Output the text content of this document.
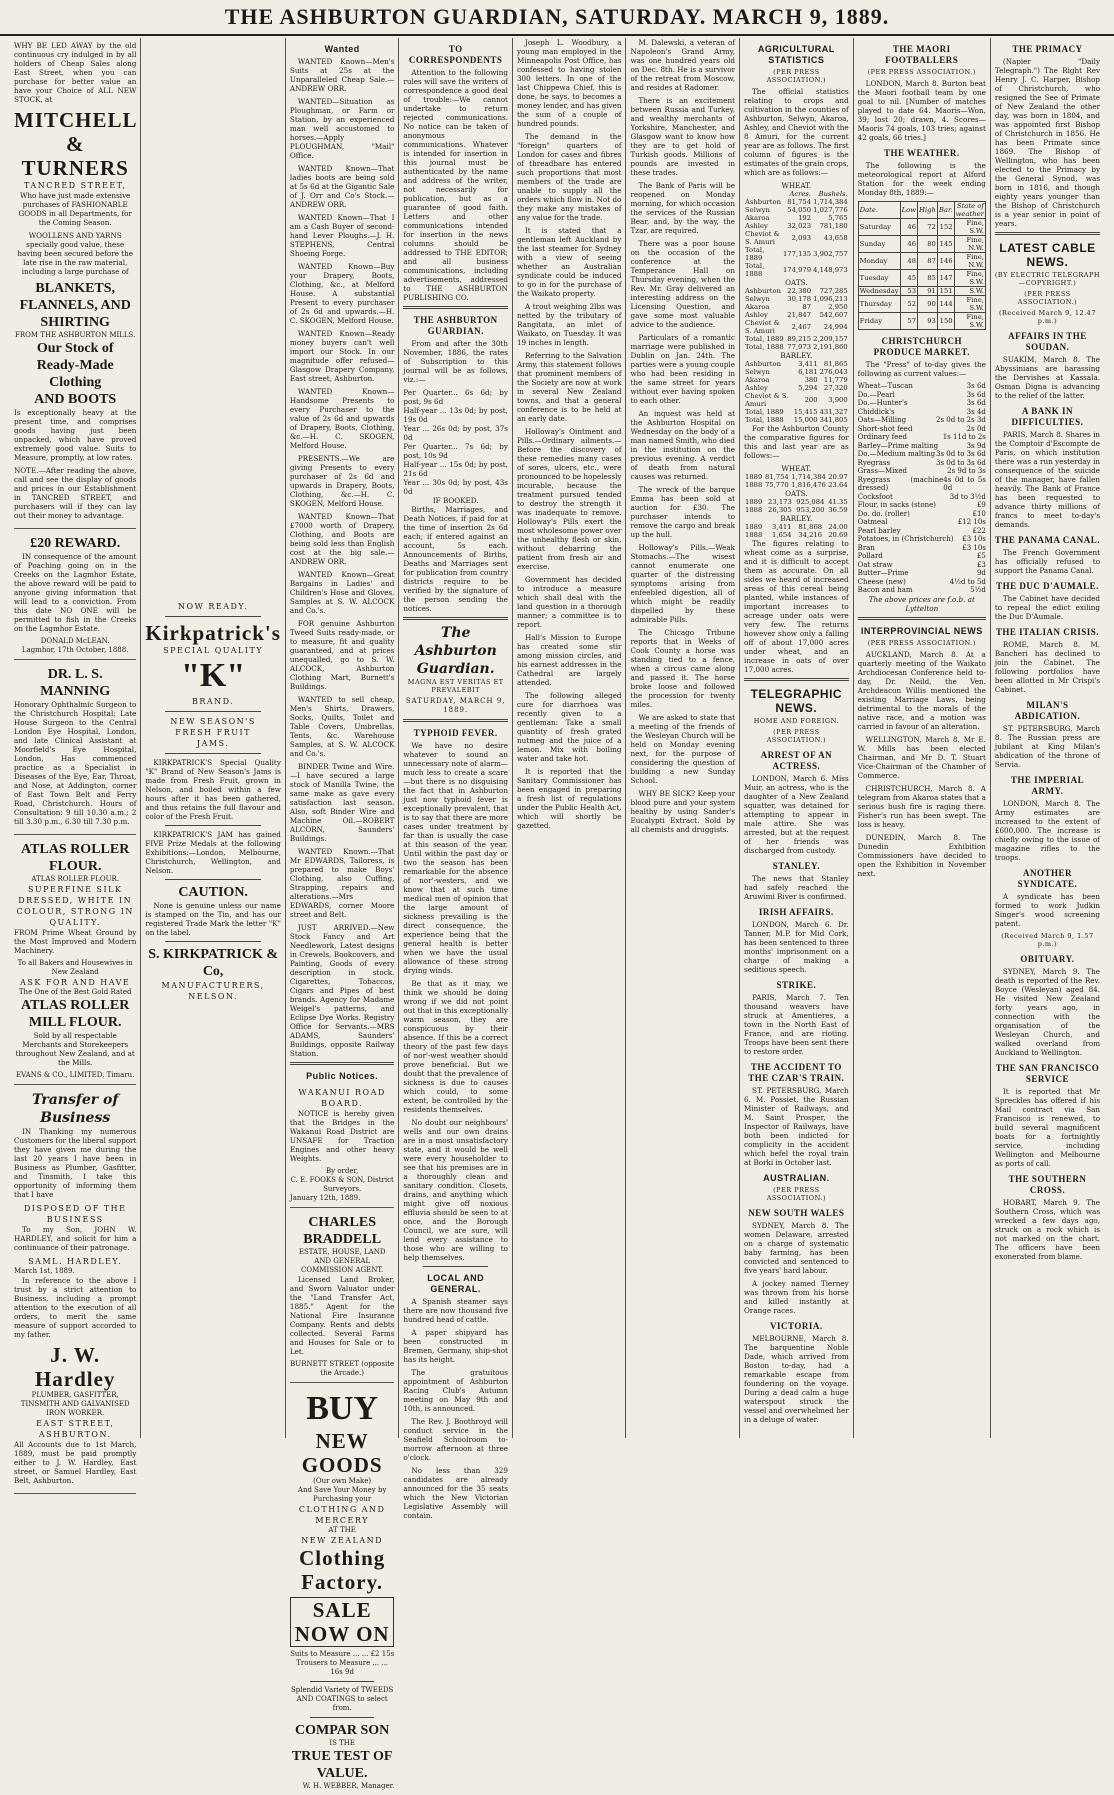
THE ASHBURTON GUARDIAN, SATURDAY. MARCH 9, 1889.

WHY BE LED AWAY by the old continuous cry indulged in by all holders of Cheap Sales along East Street, when you can purchase for better value an have your Choice of ALL NEW STOCK, at

MITCHELL & TURNERS
TANCRED STREET,

Who have just made extensive purchases of FASHIONABLE GOODS in all Departments, for the Coming Season.

WOOLLENS AND YARNS specially good value, these having been secured before the late rise in the raw material, including a large purchase of

BLANKETS, FLANNELS, AND SHIRTING
FROM THE ASHBURTON MILLS.
Our Stock of Ready-Made Clothing
AND BOOTS

Is exceptionally heavy at the present time, and comprises goods having just been unpacked, which have proved extremely good value. Suits to Measure, promptly, at low rates.

NOTE.—After reading the above, call and see the display of goods and prices in our Establishment in TANCRED STREET, and purchasers will if they can lay out their money to advantage.

£20 REWARD.

IN consequence of the amount of Poaching going on in the Creeks on the Lagmhor Estate, the above reward will be paid to anyone giving information that will lead to a conviction. From this date NO ONE will be permitted to fish in the Creeks on the Lagmhor Estate.

DONALD McLEAN.
Lagmhor, 17th October, 1888.
DR. L. S. MANNING

Honorary Ophthalmic Surgeon to the Christchurch Hospital; Late House Surgeon to the Central London Eye Hospital, London, and late Clinical Assistant at Moorfield's Eye Hospital, London, Has commenced practice as a Specialist in Diseases of the Eye, Ear, Throat, and Nose, at Addington, corner of East Town Belt and Ferry Road, Christchurch. Hours of Consultation: 9 till 10.30 a.m.; 2 till 3.30 p.m., 6.30 till 7.30 p.m.

ATLAS ROLLER FLOUR.
ATLAS ROLLER FLOUR.
SUPERFINE SILK DRESSED, WHITE IN COLOUR, STRONG IN QUALITY.

FROM Prime Wheat Ground by the Most Improved and Modern Machinery.

To all Bakers and Housewives in New Zealand
ASK FOR AND HAVE
The One of the Best Gold Rated
ATLAS ROLLER MILL FLOUR.

Sold by all respectable Merchants and Storekeepers throughout New Zealand, and at the Mills.

EVANS & CO., LIMITED, Timaru.
Transfer of Business

IN Thanking my numerous Customers for the liberal support they have given me during the last 20 years I have been in Business as Plumber, Gasfitter, and Tinsmith, I take this opportunity of informing them that I have

DISPOSED OF THE BUSINESS

To my Son, JOHN W. HARDLEY, and solicit for him a continuance of their patronage.

SAML. HARDLEY.
March 1st, 1889.

In reference to the above I trust by a strict attention to Business, including a prompt attention to the execution of all orders, to merit the same measure of support accorded to my father.

J. W. Hardley
PLUMBER, GASFITTER, TINSMITH AND GALVANISED IRON WORKER.
EAST STREET, ASHBURTON.

All Accounts due to 1st March, 1889, must be paid promptly either to J. W. Hardley, East street, or Samuel Hardley, East Belt, Ashburton.

NOW READY.
Kirkpatrick's
SPECIAL QUALITY
"K"
BRAND.
NEW SEASON'S
FRESH FRUIT
JAMS.

KIRKPATRICK'S Special Quality "K" Brand of New Season's Jams is made from Fresh Fruit, grown in Nelson, and boiled within a few hours after it has been gathered, and thus retains the full flavour and color of the Fresh Fruit.

KIRKPATRICK'S JAM has gained FIVE Prize Medals at the following Exhibitions:—London, Melbourne, Christchurch, Wellington, and Nelson.

CAUTION.

None is genuine unless our name is stamped on the Tin, and has our registered Trade Mark the letter "K" on the label.

S. KIRKPATRICK & Co,
MANUFACTURERS,
NELSON.
Wanted

WANTED Known—Men's Suits at 25s at the Unparalleled Cheap Sale.—ANDREW ORR.

WANTED—Situation as Ploughman, or Farm or Station, by an experienced man well accustomed to horses.—Apply PLOUGHMAN, "Mail" Office.

WANTED Known—That ladies boots are being sold at 5s 6d at the Gigantic Sale of J. Orr and Co's Stock.—ANDREW ORR.

WANTED Known—That I am a Cash Buyer of second-hand Lever Ploughs.—J. H. STEPHENS, Central Shoeing Forge.

WANTED Known—Buy your Drapery, Boots, Clothing, &c., at Melford House. A substantial Present to every purchaser of 2s 6d and upwards.—H. C. SKOGEN, Melford House.

WANTED Known—Ready money buyers can't well import our Stock. In our magnitude offer refused—Glasgow Drapery Company, East street, Ashburton.

WANTED Known—Handsome Presents to every Purchaser to the value of 2s 6d and upwards of Drapery, Boots, Clothing, &c.—H. C. SKOGEN, Melford House.

PRESENTS.—We are giving Presents to every purchaser of 2s 6d and upwards in Drapery, Boots, Clothing, &c.—H. C. SKOGEN, Melford House.

WANTED Known—That £7000 worth of Drapery, Clothing, and Boots are being sold less than English cost at the big sale.—ANDREW ORR.

WANTED Known—Great Bargains in Ladies' and Children's Hose and Gloves. Samples at S. W. ALCOCK and Co.'s.

FOR genuine Ashburton Tweed Suits ready-made, or to measure, fit and quality guaranteed, and at prices unequalled, go to S. W. ALCOCK, Ashburton Clothing Mart, Burnett's Buildings.

WANTED to sell cheap, Men's Shirts, Drawers, Socks, Quilts, Toilet and Table Covers, Umbrellas, Tents, &c. Warehouse Samples, at S. W. ALCOCK and Co.'s.

BINDER Twine and Wire.—I have secured a large stock of Manilla Twine, the same make as gave every satisfaction last season. Also, soft Binder Wire and Machine Oil.—ROBERT ALCORN, Saunders' Buildings.

WANTED Known.—That Mr EDWARDS, Tailoress, is prepared to make Boys' Clothing, also Cuffing, Strapping, repairs and alterations.—Mrs EDWARDS, corner Moore street and Belt.

JUST ARRIVED.—New Stock Fancy and Art Needlework, Latest designs in Crewels, Bookcovers, and Painting, Goods of every description in stock. Cigarettes, Tobaccos, Cigars and Pipes of best brands. Agency for Madame Weigel's patterns, and Eclipse Dye Works. Registry Office for Servants.—MRS ADAMS, Saunders' Buildings, opposite Railway Station.

Public Notices.
WAKANUI ROAD BOARD.

NOTICE is hereby given that the Bridges in the Wakanui Road District are UNSAFE for Traction Engines and other heavy Weights.

By order,
C. E. FOOKS & SON, District Surveyors.
January 12th, 1889.
CHARLES BRADDELL
ESTATE, HOUSE, LAND AND GENERAL COMMISSION AGENT.

Licensed Land Broker, and Sworn Valuator under the "Land Transfer Act, 1885." Agent for the National Fire Insurance Company. Rents and debts collected. Several Farms and Houses for Sale or to Let.

BURNETT STREET (opposite the Arcade.)
BUY
NEW GOODS
(Our own Make)
And Save Your Money by Purchasing your
CLOTHING AND MERCERY
AT THE
NEW ZEALAND
Clothing Factory.
SALE NOW ON
Suits to Measure ... ... £2 15s
Trousers to Measure ... ... 16s 9d
Splendid Variety of TWEEDS AND COATINGS to select from.
COMPAR SON
IS THE
TRUE TEST OF VALUE.
W. H. WEBBER, Manager.
TO CORRESPONDENTS

Attention to the following rules will save the writers of correspondence a good deal of trouble:—We cannot undertake to return rejected communications. No notice can be taken of anonymous communications. Whatever is intended for insertion in this journal must be authenticated by the name and address of the writer, not necessarily for publication, but as a guarantee of good faith. Letters and other communications intended for insertion in the news columns should be addressed to THE EDITOR; and all business communications, including advertisements, addressed to THE ASHBURTON PUBLISHING CO.

THE ASHBURTON GUARDIAN.

From and after the 30th November, 1886, the rates of Subscription to this journal will be as follows, viz.:—

Per Quarter... 6s 6d; by post, 9s 6d
Half-year ... 13s 0d; by post, 19s 0d
Year ... 26s 0d; by post, 37s 0d
Per Quarter... 7s 6d; by post, 10s 9d
Half-year ... 15s 0d; by post, 21s 6d
Year ... 30s 0d; by post, 43s 0d
IF BOOKED.

Births, Marriages, and Death Notices, if paid for at the time of insertion 2s 6d each; if entered against an account, 5s each. Announcements of Births, Deaths and Marriages sent for publication from country districts require to be verified by the signature of the person sending the notices.

The Ashburton Guardian.
MAGNA EST VERITAS ET PREVALEBIT
SATURDAY, MARCH 9, 1889.
TYPHOID FEVER.

We have no desire whatever to sound an unnecessary note of alarm—much less to create a scare—but there is no disguising the fact that in Ashburton just now typhoid fever is exceptionally prevalent, that is to say that there are more cases under treatment by far than is usually the case at this season of the year. Until within the past day or two the season has been remarkable for the absence of nor'-westers, and we know that at such time medical men of opinion that the large amount of sickness prevailing is the direct consequence, the experience being that the general health is better when we have the usual allowance of these strong drying winds.

Be that as it may, we think we should be doing wrong if we did not point out that in this exceptionally warm season, they are conspicuous by their absence. If this be a correct theory of the past few days of nor'-west weather should prove beneficial. But we doubt that the prevalence of sickness is due to causes which could, to some extent, be controlled by the residents themselves.

No doubt our neighbours' wells and our own drains are in a most unsatisfactory state, and it would be well were every householder to see that his premises are in a thoroughly clean and sanitary condition. Closets, drains, and anything which might give off noxious effluvia should be seen to at once, and the Borough Council, we are sure, will lend every assistance to those who are willing to help themselves.

LOCAL AND GENERAL.

A Spanish steamer says there are now thousand five hundred head of cattle.

A paper shipyard has been constructed in Bremen, Germany, ship-shot has its height.

The gratuitous appointment of Ashburton Racing Club's Autumn meeting on May 9th and 10th, is announced.

The Rev. J. Boothroyd will conduct service in the Seafield Schoolroom to-morrow afternoon at three o'clock.

No less than 329 candidates are already announced for the 35 seats which the New Victorian Legislative Assembly will contain.

Joseph L. Woodbury, a young man employed in the Minneapolis Post Office, has confessed to having stolen 300 letters. In one of the last Chippewa Chief, this is done, he says, to becomes a money lender, and has given the sum of a couple of hundred pounds.

The demand in the "foreign" quarters of London for cases and fibres of threadbare has entered such proportions that most members of the trade are unable to supply all the orders which flow in. Not do they make any mistakes of any value for the trade.

It is stated that a gentleman left Auckland by the last steamer for Sydney with a view of seeing whether an Australian syndicate could be induced to go in for the purchase of the Waikato property.

A trout weighing 2lbs was netted by the tributary of Rangitata, an inlet of Waikato, on Tuesday. It was 19 inches in length.

Referring to the Salvation Army, this statement follows that prominent members of the Society are now at work in several New Zealand towns, and that a general conference is to be held at an early date.

Holloway's Ointment and Pills.—Ordinary ailments.—Before the discovery of these remedies many cases of sores, ulcers, etc., were pronounced to be hopelessly incurable, because the treatment pursued tended to destroy the strength it was inadequate to remove. Holloway's Pills exert the most wholesome power over the unhealthy flesh or skin, without debarring the patient from fresh air and exercise.

Government has decided to introduce a measure which shall deal with the land question in a thorough manner; a committee is to report.

Hall's Mission to Europe has created some stir among mission circles, and his earnest addresses in the Cathedral are largely attended.

The following alleged cure for diarrhoea was recently given to a gentleman: Take a small quantity of fresh grated nutmeg and the juice of a lemon. Mix with boiling water and take hot.

It is reported that the Sanitary Commissioner has been engaged in preparing a fresh list of regulations under the Public Health Act, which will shortly be gazetted.

M. Dalewski, a veteran of Napoleon's Grand Army, was one hundred years old on Dec. 8th. He is a survivor of the retreat from Moscow, and resides at Radomer.

There is an excitement between Russia and Turkey, and wealthy merchants of Yorkshire, Manchester, and Glasgow want to know how they are to get hold of Turkish goods. Millions of pounds are invested in these trades.

The Bank of Paris will be reopened on Monday morning, for which occasion the services of the Russian Bear, and, by the way, the Tzar, are required.

There was a poor house on the occasion of the conference at the Temperance Hall on Thursday evening, when the Rev. Mr. Gray delivered an interesting address on the Licensing Question, and gave some most valuable advice to the audience.

Particulars of a romantic marriage were published in Dublin on Jan. 24th. The parties were a young couple who had been residing in the same street for years without ever having spoken to each other.

An inquest was held at the Ashburton Hospital on Wednesday on the body of a man named Smith, who died in the institution on the previous evening. A verdict of death from natural causes was returned.

The wreck of the barque Emma has been sold at auction for £30. The purchaser intends to remove the cargo and break up the hull.

Holloway's Pills.—Weak Stomachs.—The wisest cannot enumerate one quarter of the distressing symptoms arising from enfeebled digestion, all of which might be readily dispelled by these admirable Pills.

The Chicago Tribune reports that in Weeks of Cook County a horse was standing tied to a fence, when a circus came along and passed it. The horse broke loose and followed the procession for twenty miles.

We are asked to state that a meeting of the friends of the Wesleyan Church will be held on Monday evening next, for the purpose of considering the question of building a new Sunday School.

WHY BE SICK? Keep your blood pure and your system healthy by using Sander's Eucalypti Extract. Sold by all chemists and druggists.

AGRICULTURAL STATISTICS
(PER PRESS ASSOCIATION.)

The official statistics relating to crops and cultivation in the counties of Ashburton, Selwyn, Akaroa, Ashley, and Cheviot with the 8 Amuri, for the current year are as follows. The first column of figures is the estimates of the grain crops, which are as follows:—

WHEAT.
	Acres.	Bushels.
Ashburton	81,754	1,714,384
Selwyn	54,050	1,027,776
Akaroa	192	5,765
Ashley	32,023	781,180
Cheviot & S. Amuri	2,093	43,658
Total, 1889	177,135	3,902,757
Total, 1888	174,979	4,148,973
OATS.
Ashburton	22,380	727,285
Selwyn	30,178	1,096,213
Akaroa	87	2,950
Ashley	21,847	542,607
Cheviot & S. Amuri	2,467	24,994
Total, 1889	89,215	2,209,157
Total, 1888	77,973	2,191,860
BARLEY.
Ashburton	3,411	81,865
Selwyn	6,181	276,043
Akaroa	380	11,779
Ashley	5,294	27,320
Cheviot & S. Amuri	200	3,900
Total, 1889	15,415	431,327
Total, 1888	15,000	341,805

For the Ashburton County the comparative figures for this and last year are as follows:—

WHEAT.
1889	81,754	1,714,384	20.97
1888	75,770	1,816,476	23.64
OATS.
1889	23,173	925,084	41.35
1888	26,305	953,200	36.59
BARLEY.
1889	3,411	81,868	24.00
1888	1,654	34,216	20.69

The figures relating to wheat come as a surprise, and it is difficult to accept them as accurate. On all sides we heard of increased areas of this cereal being planted, while instances of important increases to acreage under oats were very few. The returns however show only a falling off of about 17,000 acres under wheat, and an increase in oats of over 17,000 acres.

TELEGRAPHIC NEWS.
HOME AND FOREIGN.
(PER PRESS ASSOCIATION.)
ARREST OF AN ACTRESS.

LONDON, March 6. Miss Muir, an actress, who is the daughter of a New Zealand squatter, was detained for attempting to appear in male attire. She was arrested, but at the request of her friends was discharged from custody.

STANLEY.

The news that Stanley had safely reached the Aruwimi River is confirmed.

IRISH AFFAIRS.

LONDON, March 6. Dr. Tanner, M.P. for Mid Cork, has been sentenced to three months' imprisonment on a charge of making a seditious speech.

STRIKE.

PARIS, March 7. Ten thousand weavers have struck at Amentieres, a town in the North East of France, and are rioting. Troops have been sent there to restore order.

THE ACCIDENT TO THE CZAR'S TRAIN.

ST. PETERSBURG, March 6. M. Possiet, the Russian Minister of Railways, and M. Saint Prosper, the Inspector of Railways, have both been indicted for complicity in the accident which befel the royal train at Borki in October last.

AUSTRALIAN.
(PER PRESS ASSOCIATION.)
NEW SOUTH WALES

SYDNEY, March 8. The women Delaware, arrested on a charge of systematic baby farming, has been convicted and sentenced to five years' hard labour.

A jockey named Tierney was thrown from his horse and killed instantly at Orange races.

VICTORIA.

MELBOURNE, March 8. The barquentine Noble Dade, which arrived from Boston to-day, had a remarkable escape from foundering on the voyage. During a dead calm a huge waterspout struck the vessel and overwhelmed her in a deluge of water.

THE MAORI FOOTBALLERS
(PER PRESS ASSOCIATION.)

LONDON, March 8. Burton beat the Maori football team by one goal to nil. [Number of matches played to date 64. Maoris—Won, 39; lost 20; drawn, 4. Scores—Maoris 74 goals, 103 tries; against 42 goals, 66 tries.]

THE WEATHER.

The following is the meteorological report at Alford Station for the week ending Monday 8th, 1889:—

Date.	Low	High	Bar.	State of weather
Saturday	46	72	152	Fine, S.W.
Sunday	46	80	145	Fine, N.W.
Monday	48	87	146	Fine, N.W.
Tuesday	45	85	147	Fine, S.W.
Wednesday	53	91	151	S.W.
Thursday	52	90	144	Fine, S.W.
Friday	57	93	150	Fine, S.W.
CHRISTCHURCH PRODUCE MARKET.

The "Press" of to-day gives the following as current values:—

Wheat—Tuscan	3s 6d
Do.—Pearl	3s 6d
Do.—Hunter's	3s 6d
Chiddick's	3s 4d
Oats—Milling	2s 0d to 2s 3d
Short-shot feed	2s 0d
Ordinary feed	1s 11d to 2s
Barley—Prime malting	3s 9d
Do.—Medium malting 3s 0d to 3s 6d
Ryegrass	3s 0d to 3s 6d
Grass—Mixed	2s 9d to 3s
Ryegrass (machine dressed)
4s 0d to 5s 0d
Cocksfoot	3d to 3½d
Flour, in sacks (stone)	£9
Do. do. (roller)	£10
Oatmeal	£12 10s
Pearl barley	£22
Potatoes, in (Christchurch) £3 10s
Bran	£3 10s
Pollard	£5
Oat straw	£3
Butter—Prime	9d
Cheese (new)	4½d to 5d
Bacon and ham	5½d
The above prices are f.o.b. at Lyttelton
INTERPROVINCIAL NEWS
(PER PRESS ASSOCIATION.)

AUCKLAND, March 8. At a quarterly meeting of the Waikato Archdiocesan Conference held to-day, Dr. Neild, the Ven. Archdeacon Willis mentioned the existing Marriage Laws, being detrimental to the morals of the native race, and a motion was carried in favour of an alteration.

WELLINGTON, March 8. Mr E. W. Mills has been elected Chairman, and Mr D. T. Stuart Vice-Chairman of the Chamber of Commerce.

CHRISTCHURCH, March 8. A telegram from Akaroa states that a serious bush fire is raging there. Fisher's run has been swept. The loss is heavy.

DUNEDIN, March 8. The Dunedin Exhibition Commissioners have decided to open the Exhibition in November next.

THE PRIMACY

(Napier "Daily Telegraph.") The Right Rev Henry J. C. Harper, Bishop of Christchurch, who resigned the See of Primate of New Zealand the other day, was born in 1804, and was appointed first Bishop of Christchurch in 1856. He has been Primate since 1869. The Bishop of Wellington, who has been elected to the Primacy by the General Synod, was born in 1816, and though eighty years younger than the Bishop of Christchurch is a year senior in point of years.

LATEST CABLE NEWS.
(BY ELECTRIC TELEGRAPH—COPYRIGHT.)
(PER PRESS ASSOCIATION.)
(Received March 9, 12.47 p.m.)
AFFAIRS IN THE SOUDAN.

SUAKIM, March 8. The Abyssinians are harassing the Dervishes at Kassala. Osman Digna is advancing to the relief of the latter.

A BANK IN DIFFICULTIES.

PARIS, March 8. Shares in the Comptoir d'Escompte de Paris, on which institution there was a run yesterday in consequence of the suicide of the manager, have fallen heavily. The Bank of France has been requested to advance thirty millions of francs to meet to-day's demands.

THE PANAMA CANAL.

The French Government has officially refused to support the Panama Canal.

THE DUC D'AUMALE.

The Cabinet have decided to repeal the edict exiling the Duc D'Aumale.

THE ITALIAN CRISIS.

ROME, March 8. M. Bancheri has declined to join the Cabinet. The following portfolios have been allotted in Mr Crispi's Cabinet.

MILAN'S ABDICATION.

ST. PETERSBURG, March 8. The Russian press are jubilant at King Milan's abdication of the throne of Servia.

THE IMPERIAL ARMY.

LONDON, March 8. The Army estimates are increased to the extent of £600,000. The increase is chiefly owing to the issue of magazine rifles to the troops.

ANOTHER SYNDICATE.

A syndicate has been formed to work Judkin Singer's wood screening patent.

(Received March 9, 1.57 p.m.)
OBITUARY.

SYDNEY, March 9. The death is reported of the Rev. Boyce (Wesleyan) aged 84. He visited New Zealand forty years ago, in connection with the organisation of the Wesleyan Church, and walked overland from Auckland to Wellington.

THE SAN FRANCISCO SERVICE

It is reported that Mr Spreckles has offered if his Mail contract via San Francisco is renewed, to build several magnificent boats for a fortnightly service, including Wellington and Melbourne as ports of call.

THE SOUTHERN CROSS.

HOBART, March 9. The Southern Cross, which was wrecked a few days ago, struck on a rock which is not marked on the chart. The officers have been exonerated from blame.
